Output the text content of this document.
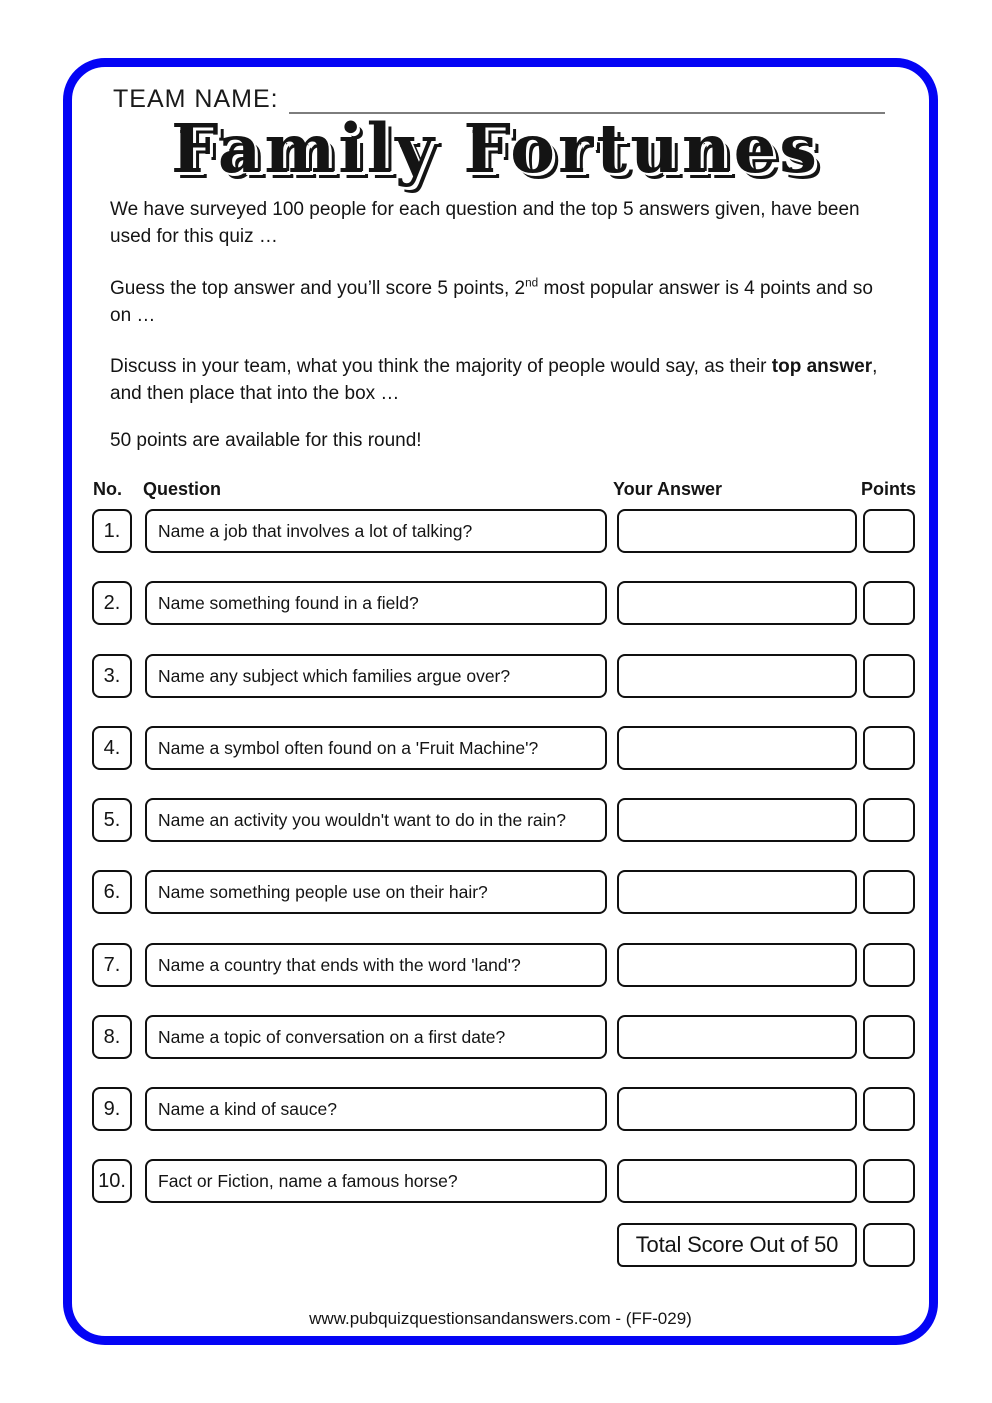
TEAM NAME:
Family Fortunes

We have surveyed 100 people for each question and the top 5 answers given, have been used for this quiz …

Guess the top answer and you’ll score 5 points, 2nd most popular answer is 4 points and so on …

Discuss in your team, what you think the majority of people would say, as their top answer, and then place that into the box …

50 points are available for this round!

No. Question	Your Answer	Points
1.	Name a job that involves a lot of talking?
2.	Name something found in a field?
3.	Name any subject which families argue over?
4.	Name a symbol often found on a 'Fruit Machine'?
5.	Name an activity you wouldn't want to do in the rain?
6.	Name something people use on their hair?
7.	Name a country that ends with the word 'land'?
8.	Name a topic of conversation on a first date?
9.	Name a kind of sauce?
10.	Fact or Fiction, name a famous horse?
Total Score Out of 50
www.pubquizquestionsandanswers.com - (FF-029)
